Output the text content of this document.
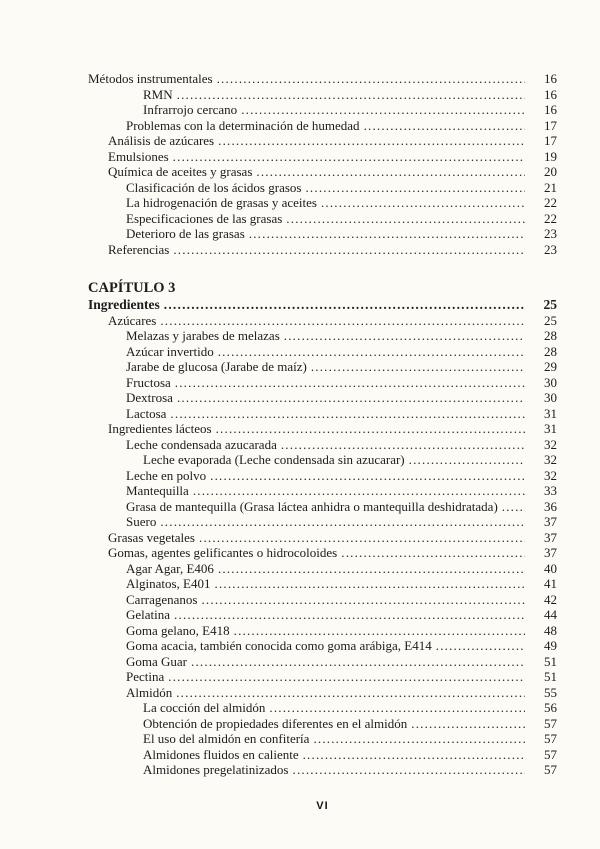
Métodos instrumentales .....	16
RMN .....	16
Infrarrojo cercano .....	16
Problemas con la determinación de humedad .....	17
Análisis de azúcares .....	17
Emulsiones .....	19
Química de aceites y grasas .....	20
Clasificación de los ácidos grasos .....	21
La hidrogenación de grasas y aceites .....	22
Especificaciones de las grasas .....	22
Deterioro de las grasas .....	23
Referencias .....	23
CAPÍTULO 3
Ingredientes .....	25
Azúcares .....	25
Melazas y jarabes de melazas .....	28
Azúcar invertido .....	28
Jarabe de glucosa (Jarabe de maíz) .....	29
Fructosa .....	30
Dextrosa .....	30
Lactosa .....	31
Ingredientes lácteos .....	31
Leche condensada azucarada .....	32
Leche evaporada (Leche condensada sin azucarar) .....	32
Leche en polvo .....	32
Mantequilla .....	33
Grasa de mantequilla (Grasa láctea anhidra o mantequilla deshidratada) .....	36
Suero .....	37
Grasas vegetales .....	37
Gomas, agentes gelificantes o hidrocoloides .....	37
Agar Agar, E406 .....	40
Alginatos, E401 .....	41
Carragenanos .....	42
Gelatina .....	44
Goma gelano, E418 .....	48
Goma acacia, también conocida como goma arábiga, E414 .....	49
Goma Guar .....	51
Pectina .....	51
Almidón .....	55
La cocción del almidón .....	56
Obtención de propiedades diferentes en el almidón .....	57
El uso del almidón en confitería .....	57
Almidones fluidos en caliente .....	57
Almidones pregelatinizados .....	57
VI
